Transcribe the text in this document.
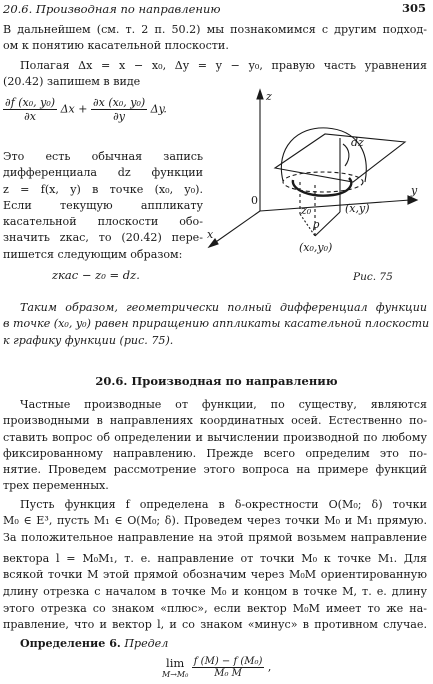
20.6. Производная по направлению	305
В дальнейшем (см. т. 2 п. 50.2) мы познакомимся с другим подход-
ом к понятию касательной плоскости.
Полагая Δx = x − x₀, Δy = y − y₀, правую часть уравнения
(20.42) запишем в виде
$\frac{\text{∂f (x₀, y₀)}}{\partial x}$ $\Delta x + \frac{\text{∂x (x₀, y₀)}}{\partial y} \Delta y$.
Это есть обычная запись
дифференциала dz функции
z = f(x, y) в точке (x₀, y₀).
Если текущую аппликату
касательной плоскости обо-
значить zкас, то (20.42) пере-
пишется следующим образом:
zкас − z₀ = dz.
z
dz
0
z₀
ρ
(x,y)
(x₀,y₀)
x
y
Рис. 75
Таким образом, геометрически полный дифференциал функции
в точке (x₀, y₀) равен приращению аппликаты касательной плоскости
к графику функции (рис. 75).
20.6. Производная по направлению
Частные производные от функции, по существу, являются
производными в направлениях координатных осей. Естественно по-
ставить вопрос об определении и вычислении производной по любому
фиксированному направлению. Прежде всего определим это по-
нятие. Проведем рассмотрение этого вопроса на примере функций
трех переменных.
Пусть функция f определена в δ-окрестности O(M₀; δ) точки
M₀ ∈ E³, пусть M₁ ∈ O(M₀; δ). Проведем через точки M₀ и M₁ прямую.
За положительное направление на этой прямой возьмем направление
вектора l = M₀M₁, т. е. направление от точки M₀ к точке M₁. Для
всякой точки M этой прямой обозначим через M₀M ориентированную
длину отрезка с началом в точке M₀ и концом в точке M, т. е. длину
этого отрезка со знаком «плюс», если вектор M₀M имеет то же на-
правление, что и вектор l, и со знаком «минус» в противном случае.
Определение 6. Предел
lim
M→M₀
$\frac{\text{f (M) − f (M₀)}}{\text{M₀ M}}$ ,
